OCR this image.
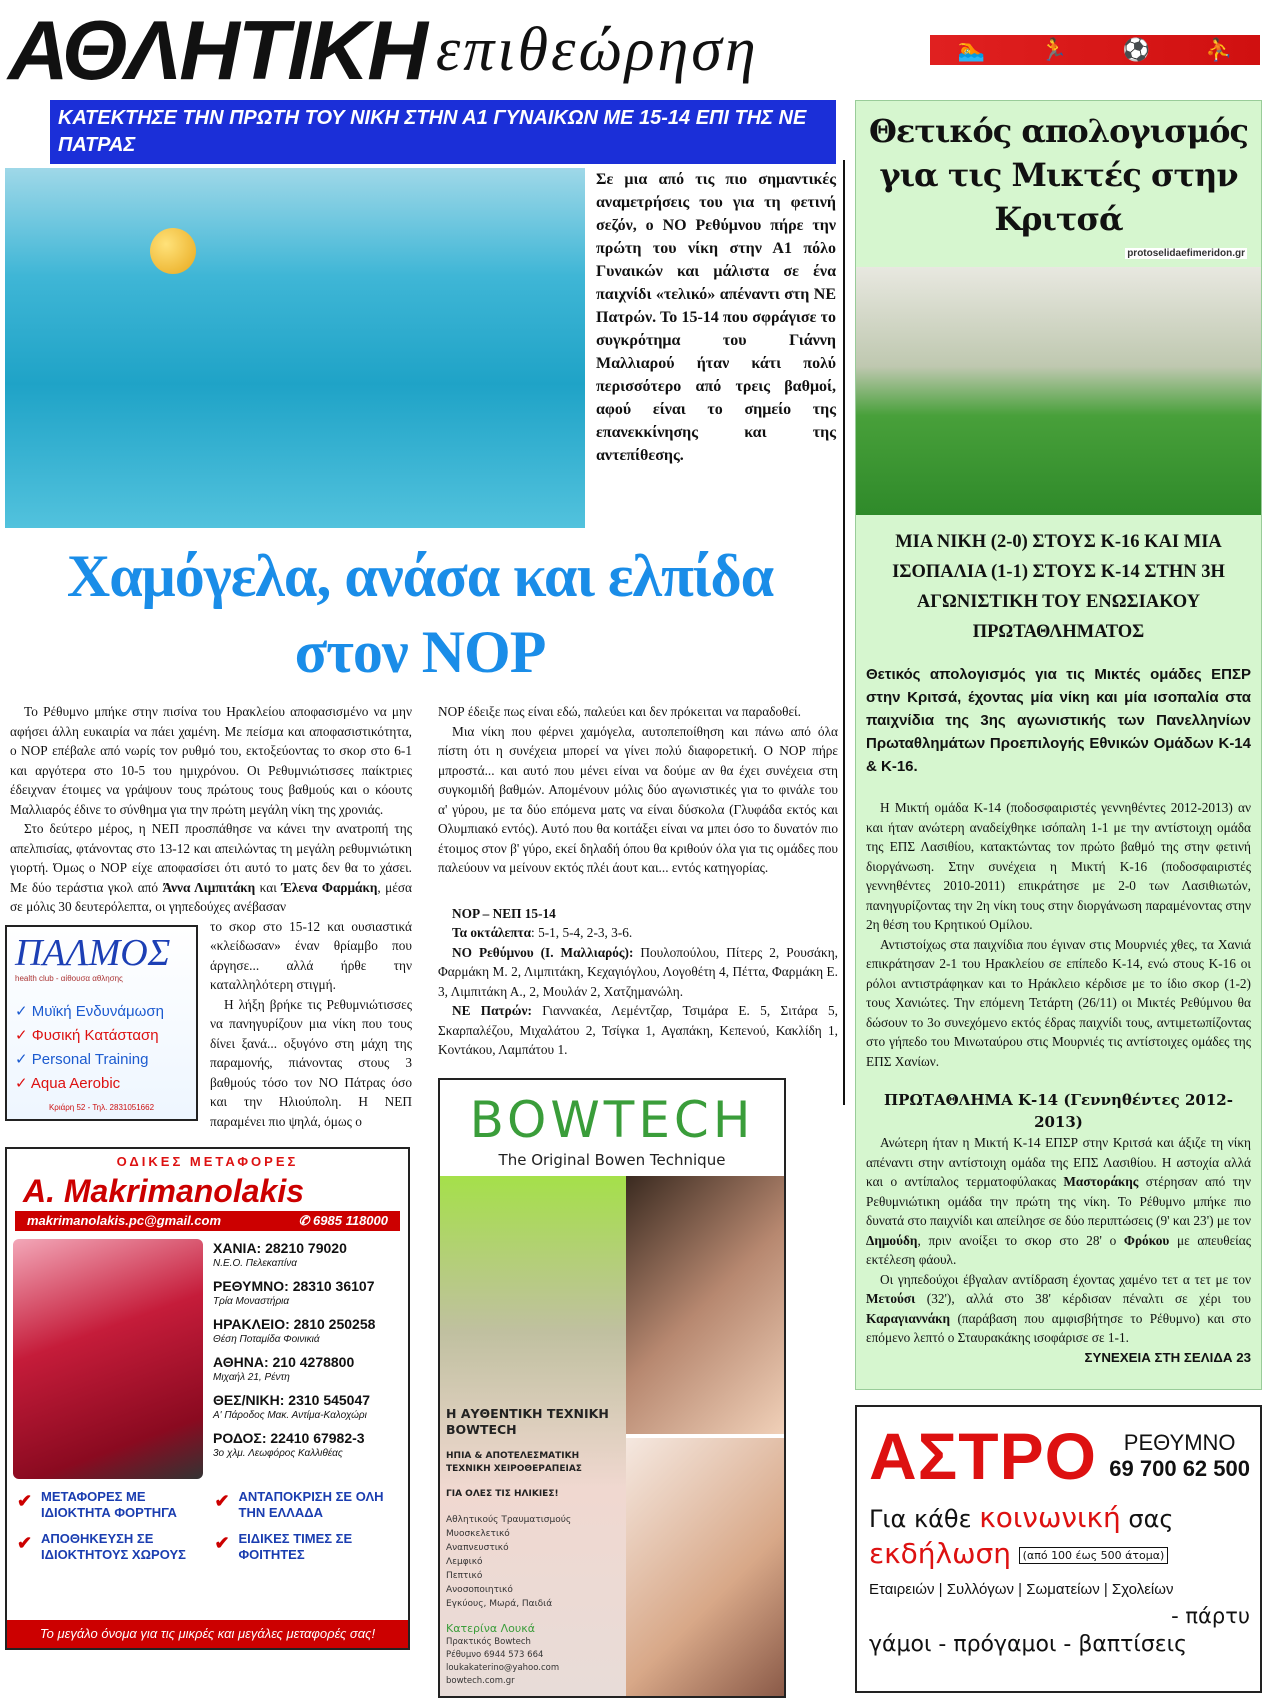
ΑΘΛΗΤΙΚΗ επιθεώρηση	🏊	🏃	⚽	⛹
ΚΑΤΕΚΤΗΣΕ ΤΗΝ ΠΡΩΤΗ ΤΟΥ ΝΙΚΗ ΣΤΗΝ Α1 ΓΥΝΑΙΚΩΝ ΜΕ 15-14 ΕΠΙ ΤΗΣ ΝΕ ΠΑΤΡΑΣ
Σε μια από τις πιο σημαντικές αναμετρήσεις του για τη φετινή σεζόν, ο ΝΟ Ρεθύμνου πήρε την πρώτη του νίκη στην Α1 πόλο Γυναικών και μάλιστα σε ένα παιχνίδι «τελικό» απέναντι στη ΝΕ Πατρών. Το 15-14 που σφράγισε το συγκρότημα του Γιάννη Μαλλιαρού ήταν κάτι πολύ περισσότερο από τρεις βαθμοί, αφού είναι το σημείο της επανεκκίνησης και της αντεπίθεσης.
Χαμόγελα, ανάσα και ελπίδα
στον ΝΟΡ

Το Ρέθυμνο μπήκε στην πισίνα του Ηρακλείου αποφασισμένο να μην αφήσει άλλη ευκαιρία να πάει χαμένη. Με πείσμα και αποφασιστικότητα, ο ΝΟΡ επέβαλε από νωρίς τον ρυθμό του, εκτοξεύοντας το σκορ στο 6-1 και αργότερα στο 10-5 του ημιχρόνου. Οι Ρεθυμνιώτισσες παίκτριες έδειχναν έτοιμες να γράψουν τους πρώτους τους βαθμούς και ο κόουτς Μαλλιαρός έδινε το σύνθημα για την πρώτη μεγάλη νίκη της χρονιάς.

Στο δεύτερο μέρος, η ΝΕΠ προσπάθησε να κάνει την ανατροπή της απελπισίας, φτάνοντας στο 13-12 και απειλώντας τη μεγάλη ρεθυμνιώτικη γιορτή. Όμως ο ΝΟΡ είχε αποφασίσει ότι αυτό το ματς δεν θα το χάσει. Με δύο τεράστια γκολ από Άννα Λιμπιτάκη και Έλενα Φαρμάκη, μέσα σε μόλις 30 δευτερόλεπτα, οι γηπεδούχες ανέβασαν

ΠΑΛΜΟΣ
health club - αίθουσα αθλησης
✓ Μυϊκή Ενδυνάμωση
✓ Φυσική Κατάσταση
✓ Personal Training
✓ Aqua Aerobic
Κριάρη 52 - Τηλ. 2831051662

το σκορ στο 15-12 και ουσιαστικά «κλείδωσαν» έναν θρίαμβο που άργησε... αλλά ήρθε την καταλληλότερη στιγμή.

Η λήξη βρήκε τις Ρεθυμνιώτισσες να πανηγυρίζουν μια νίκη που τους δίνει ξανά... οξυγόνο στη μάχη της παραμονής, πιάνοντας στους 3 βαθμούς τόσο τον ΝΟ Πάτρας όσο και την Ηλιούπολη. Η ΝΕΠ παραμένει πιο ψηλά, όμως ο

ΟΔΙΚΕΣ ΜΕΤΑΦΟΡΕΣ
A. Makrimanolakis
makrimanolakis.pc@gmail.com	✆ 6985 118000
ΧΑΝΙΑ: 28210 79020
Ν.Ε.Ο. Πελεκαπίνα
ΡΕΘΥΜΝΟ: 28310 36107
Τρία Μοναστήρια
ΗΡΑΚΛΕΙΟ: 2810 250258
Θέση Ποταμίδα Φοινικιά
ΑΘΗΝΑ: 210 4278800
Μιχαήλ 21, Ρέντη
ΘΕΣ/ΝΙΚΗ: 2310 545047
Α' Πάροδος Μακ. Αντίμα-Καλοχώρι
ΡΟΔΟΣ: 22410 67982-3
3ο χλμ. Λεωφόρος Καλλιθέας
✔ ΜΕΤΑΦΟΡΕΣ ΜΕ ΙΔΙΟΚΤΗΤΑ ΦΟΡΤΗΓΑ
✔ ΑΝΤΑΠΟΚΡΙΣΗ ΣΕ ΟΛΗ ΤΗΝ ΕΛΛΑΔΑ
✔ ΑΠΟΘΗΚΕΥΣΗ ΣΕ ΙΔΙΟΚΤΗΤΟΥΣ ΧΩΡΟΥΣ
✔ ΕΙΔΙΚΕΣ ΤΙΜΕΣ ΣΕ ΦΟΙΤΗΤΕΣ
Το μεγάλο όνομα για τις μικρές και μεγάλες μεταφορές σας!

ΝΟΡ έδειξε πως είναι εδώ, παλεύει και δεν πρόκειται να παραδοθεί.

Μια νίκη που φέρνει χαμόγελα, αυτοπεποίθηση και πάνω από όλα πίστη ότι η συνέχεια μπορεί να γίνει πολύ διαφορετική. Ο ΝΟΡ πήρε μπροστά... και αυτό που μένει είναι να δούμε αν θα έχει συνέχεια στη συγκομιδή βαθμών. Απομένουν μόλις δύο αγωνιστικές για το φινάλε του α' γύρου, με τα δύο επόμενα ματς να είναι δύσκολα (Γλυφάδα εκτός και Ολυμπιακό εντός). Αυτό που θα κοιτάξει είναι να μπει όσο το δυνατόν πιο έτοιμος στον β' γύρο, εκεί δηλαδή όπου θα κριθούν όλα για τις ομάδες που παλεύουν να μείνουν εκτός πλέι άουτ και... εντός κατηγορίας.

ΝΟΡ – ΝΕΠ 15-14

Τα οκτάλεπτα: 5-1, 5-4, 2-3, 3-6.

ΝΟ Ρεθύμνου (Ι. Μαλλιαρός): Πουλοπούλου, Πίτερς 2, Ρουσάκη, Φαρμάκη Μ. 2, Λιμπιτάκη, Κεχαγιόγλου, Λογοθέτη 4, Πέττα, Φαρμάκη Ε. 3, Λιμπιτάκη Α., 2, Μουλάν 2, Χατζημανώλη.

ΝΕ Πατρών: Γιαννακέα, Λεμέντζαρ, Τσιμάρα Ε. 5, Σιτάρα 5, Σκαρπαλέζου, Μιχαλάτου 2, Τσίγκα 1, Αγαπάκη, Κεπενού, Κακλίδη 1, Κοντάκου, Λαμπάτου 1.

BOWTECH
The Original Bowen Technique
Η ΑΥΘΕΝΤΙΚΗ ΤΕΧΝΙΚΗ BOWTECH
ΗΠΙΑ & ΑΠΟΤΕΛΕΣΜΑΤΙΚΗ ΤΕΧΝΙΚΗ ΧΕΙΡΟΘΕΡΑΠΕΙΑΣ
ΓΙΑ ΟΛΕΣ ΤΙΣ ΗΛΙΚΙΕΣ!
Αθλητικούς Τραυματισμούς
Μυοσκελετικό
Αναπνευστικό
Λεμφικό
Πεπτικό
Ανοσοποιητικό
Εγκύους, Μωρά, Παιδιά
Κατερίνα Λουκά
Πρακτικός Bowtech
Ρέθυμνο 6944 573 664
loukakaterino@yahoo.com
bowtech.com.gr
Θετικός απολογισμός για τις Μικτές στην Κριτσά
protoselidaefimeridon.gr
ΜΙΑ ΝΙΚΗ (2-0) ΣΤΟΥΣ Κ-16 ΚΑΙ ΜΙΑ ΙΣΟΠΑΛΙΑ (1-1) ΣΤΟΥΣ Κ-14 ΣΤΗΝ 3Η ΑΓΩΝΙΣΤΙΚΗ ΤΟΥ ΕΝΩΣΙΑΚΟΥ ΠΡΩΤΑΘΛΗΜΑΤΟΣ
Θετικός απολογισμός για τις Μικτές ομάδες ΕΠΣΡ στην Κριτσά, έχοντας μία νίκη και μία ισοπαλία στα παιχνίδια της 3ης αγωνιστικής των Πανελληνίων Πρωταθλημάτων Προεπιλογής Εθνικών Ομάδων Κ-14 & Κ-16.

Η Μικτή ομάδα Κ-14 (ποδοσφαιριστές γεννηθέντες 2012-2013) αν και ήταν ανώτερη αναδείχθηκε ισόπαλη 1-1 με την αντίστοιχη ομάδα της ΕΠΣ Λασιθίου, κατακτώντας τον πρώτο βαθμό της στην φετινή διοργάνωση. Στην συνέχεια η Μικτή Κ-16 (ποδοσφαιριστές γεννηθέντες 2010-2011) επικράτησε με 2-0 των Λασιθιωτών, πανηγυρίζοντας την 2η νίκη τους στην διοργάνωση παραμένοντας στην 2η θέση του Κρητικού Ομίλου.

Αντιστοίχως στα παιχνίδια που έγιναν στις Μουρνιές χθες, τα Χανιά επικράτησαν 2-1 του Ηρακλείου σε επίπεδο Κ-14, ενώ στους Κ-16 οι ρόλοι αντιστράφηκαν και το Ηράκλειο κέρδισε με το ίδιο σκορ (1-2) τους Χανιώτες. Την επόμενη Τετάρτη (26/11) οι Μικτές Ρεθύμνου θα δώσουν το 3ο συνεχόμενο εκτός έδρας παιχνίδι τους, αντιμετωπίζοντας στο γήπεδο του Μινωταύρου στις Μουρνιές τις αντίστοιχες ομάδες της ΕΠΣ Χανίων.

ΠΡΩΤΑΘΛΗΜΑ Κ-14 (Γεννηθέντες 2012-2013)

Ανώτερη ήταν η Μικτή Κ-14 ΕΠΣΡ στην Κριτσά και άξιζε τη νίκη απέναντι στην αντίστοιχη ομάδα της ΕΠΣ Λασιθίου. Η αστοχία αλλά και ο αντίπαλος τερματοφύλακας Μαστοράκης στέρησαν από την Ρεθυμνιώτικη ομάδα την πρώτη της νίκη. Το Ρέθυμνο μπήκε πιο δυνατά στο παιχνίδι και απείλησε σε δύο περιπτώσεις (9' και 23') με τον Δημούδη, πριν ανοίξει το σκορ στο 28' ο Φρόκου με απευθείας εκτέλεση φάουλ.

Οι γηπεδούχοι έβγαλαν αντίδραση έχοντας χαμένο τετ α τετ με τον Μετούσι (32'), αλλά στο 38' κέρδισαν πέναλτι σε χέρι του Καραγιαννάκη (παράβαση που αμφισβήτησε το Ρέθυμνο) και στο επόμενο λεπτό ο Σταυρακάκης ισοφάρισε σε 1-1.

ΣΥΝΕΧΕΙΑ ΣΤΗ ΣΕΛΙΔΑ 23
ΑΣΤΡΟ	ΡΕΘΥΜΝΟ
69 700 62 500
Για κάθε κοινωνική σας
εκδήλωση (από 100 έως 500 άτομα)
Εταιρειών | Συλλόγων | Σωματείων | Σχολείων
- πάρτυ
γάμοι - πρόγαμοι - βαπτίσεις
